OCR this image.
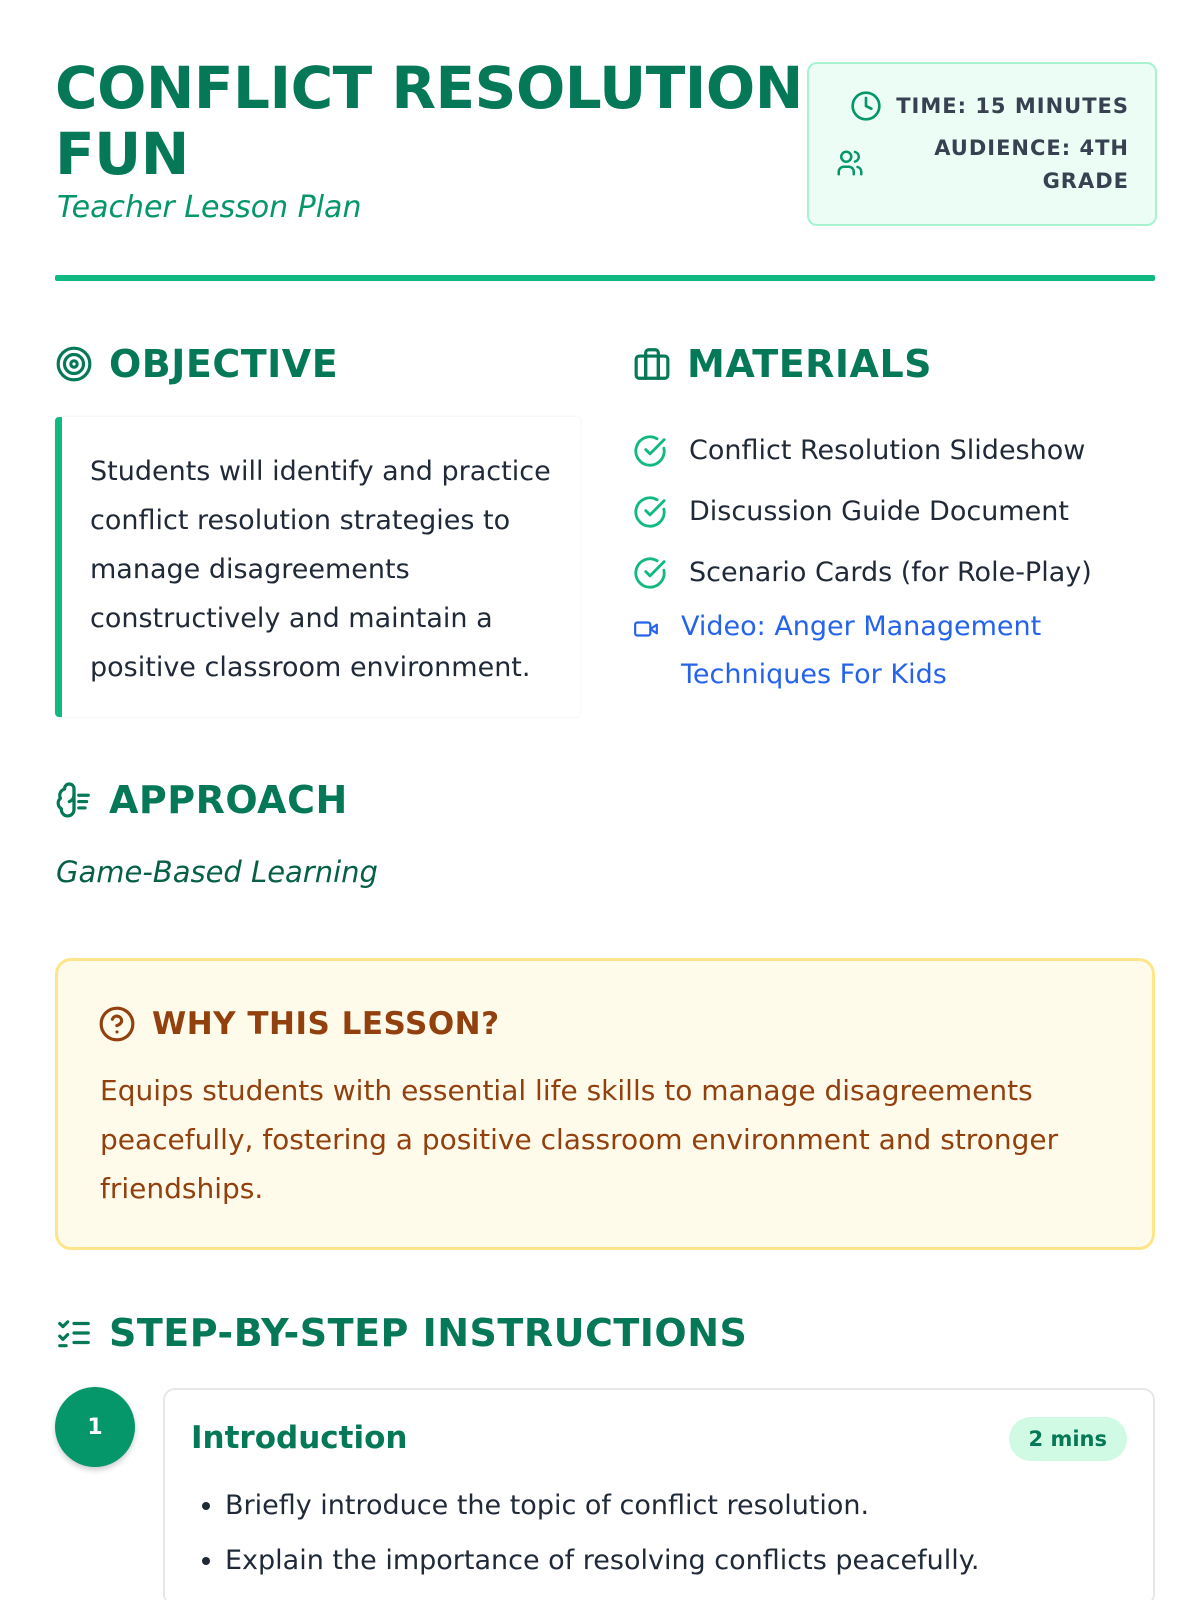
CONFLICT RESOLUTION FUN
Teacher Lesson Plan
TIME: 15 MINUTES
AUDIENCE: 4TH GRADE
OBJECTIVE

Students will identify and practice conflict resolution strategies to manage disagreements constructively and maintain a positive classroom environment.

MATERIALS
Conflict Resolution Slideshow
Discussion Guide Document
Scenario Cards (for Role-Play)
Video: Anger Management Techniques For Kids
APPROACH
Game-Based Learning
WHY THIS LESSON?

Equips students with essential life skills to manage disagreements peacefully, fostering a positive classroom environment and stronger friendships.

STEP-BY-STEP INSTRUCTIONS
1	Introduction	2 mins
• Briefly introduce the topic of conflict resolution.
• Explain the importance of resolving conflicts peacefully.
